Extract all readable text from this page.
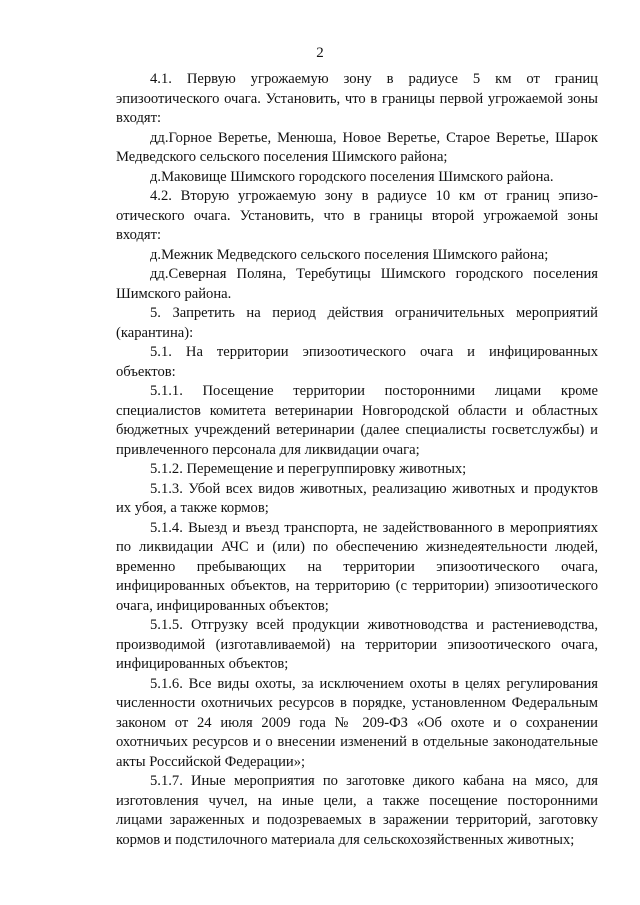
2

4.1. Первую угрожаемую зону в радиусе 5 км от границ эпизоотического очага. Установить, что в границы первой угрожаемой зоны входят:

дд.Горное Веретье, Менюша, Новое Веретье, Старое Веретье, Шарок Медведского сельского поселения Шимского района;

д.Маковище Шимского городского поселения Шимского района.

4.2. Вторую угрожаемую зону в радиусе 10 км от границ эпизо-отического очага. Установить, что в границы второй угрожаемой зоны входят:

д.Межник Медведского сельского поселения Шимского района;

дд.Северная Поляна, Теребутицы Шимского городского поселения Шимского района.

5. Запретить на период действия ограничительных мероприятий (карантина):

5.1. На территории эпизоотического очага и инфицированных объектов:

5.1.1. Посещение территории посторонними лицами кроме специалистов комитета ветеринарии Новгородской области и областных бюджетных учреждений ветеринарии (далее специалисты госветслужбы) и привлеченного персонала для ликвидации очага;

5.1.2. Перемещение и перегруппировку животных;

5.1.3. Убой всех видов животных, реализацию животных и продуктов их убоя, а также кормов;

5.1.4. Выезд и въезд транспорта, не задействованного в мероприятиях по ликвидации АЧС и (или) по обеспечению жизнедеятельности людей, временно пребывающих на территории эпизоотического очага, инфицированных объектов, на территорию (с территории) эпизоотического очага, инфицированных объектов;

5.1.5. Отгрузку всей продукции животноводства и растениеводства, производимой (изготавливаемой) на территории эпизоотического очага, инфицированных объектов;

5.1.6. Все виды охоты, за исключением охоты в целях регулирования численности охотничьих ресурсов в порядке, установленном Федеральным законом от 24 июля 2009 года № 209-ФЗ «Об охоте и о сохранении охотничьих ресурсов и о внесении изменений в отдельные законодательные акты Российской Федерации»;

5.1.7. Иные мероприятия по заготовке дикого кабана на мясо, для изготовления чучел, на иные цели, а также посещение посторонними лицами зараженных и подозреваемых в заражении территорий, заготовку кормов и подстилочного материала для сельскохозяйственных животных;
